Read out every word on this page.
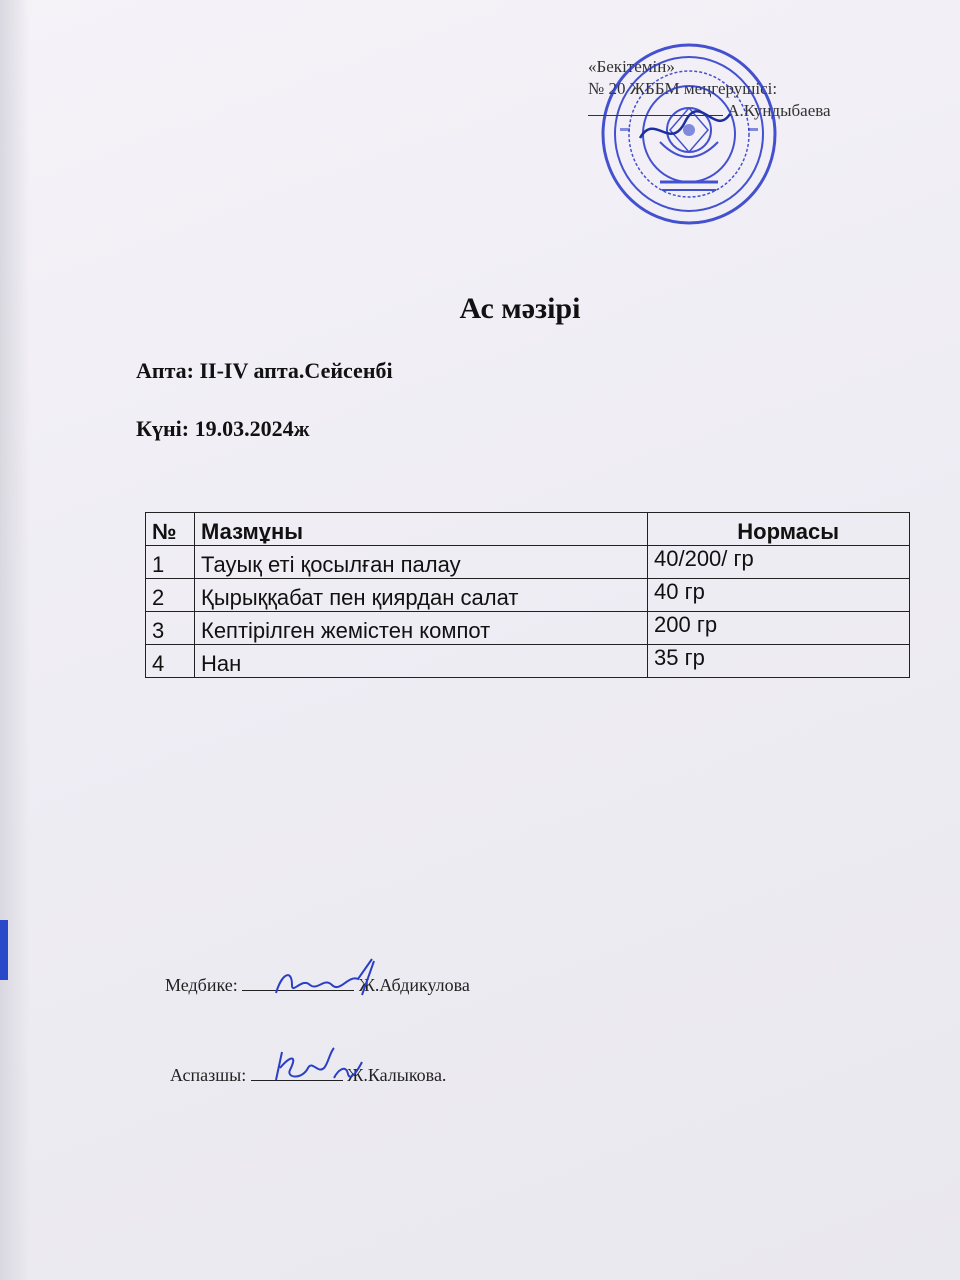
«Бекітемін»
№ 20 ЖББМ меңгерушісі:
А.Кундыбаева
Ас мәзірі
Апта: II-IV апта.Сейсенбі
Күні: 19.03.2024ж
№	Мазмұны	Нормасы
1	Тауық еті қосылған палау	40/200/ гр
2	Қырыққабат пен қиярдан салат	40 гр
3	Кептірілген жемістен компот	200 гр
4	Нан	35 гр
Медбике:	Ж.Абдикулова
Аспазшы:	Ж.Калыкова.
